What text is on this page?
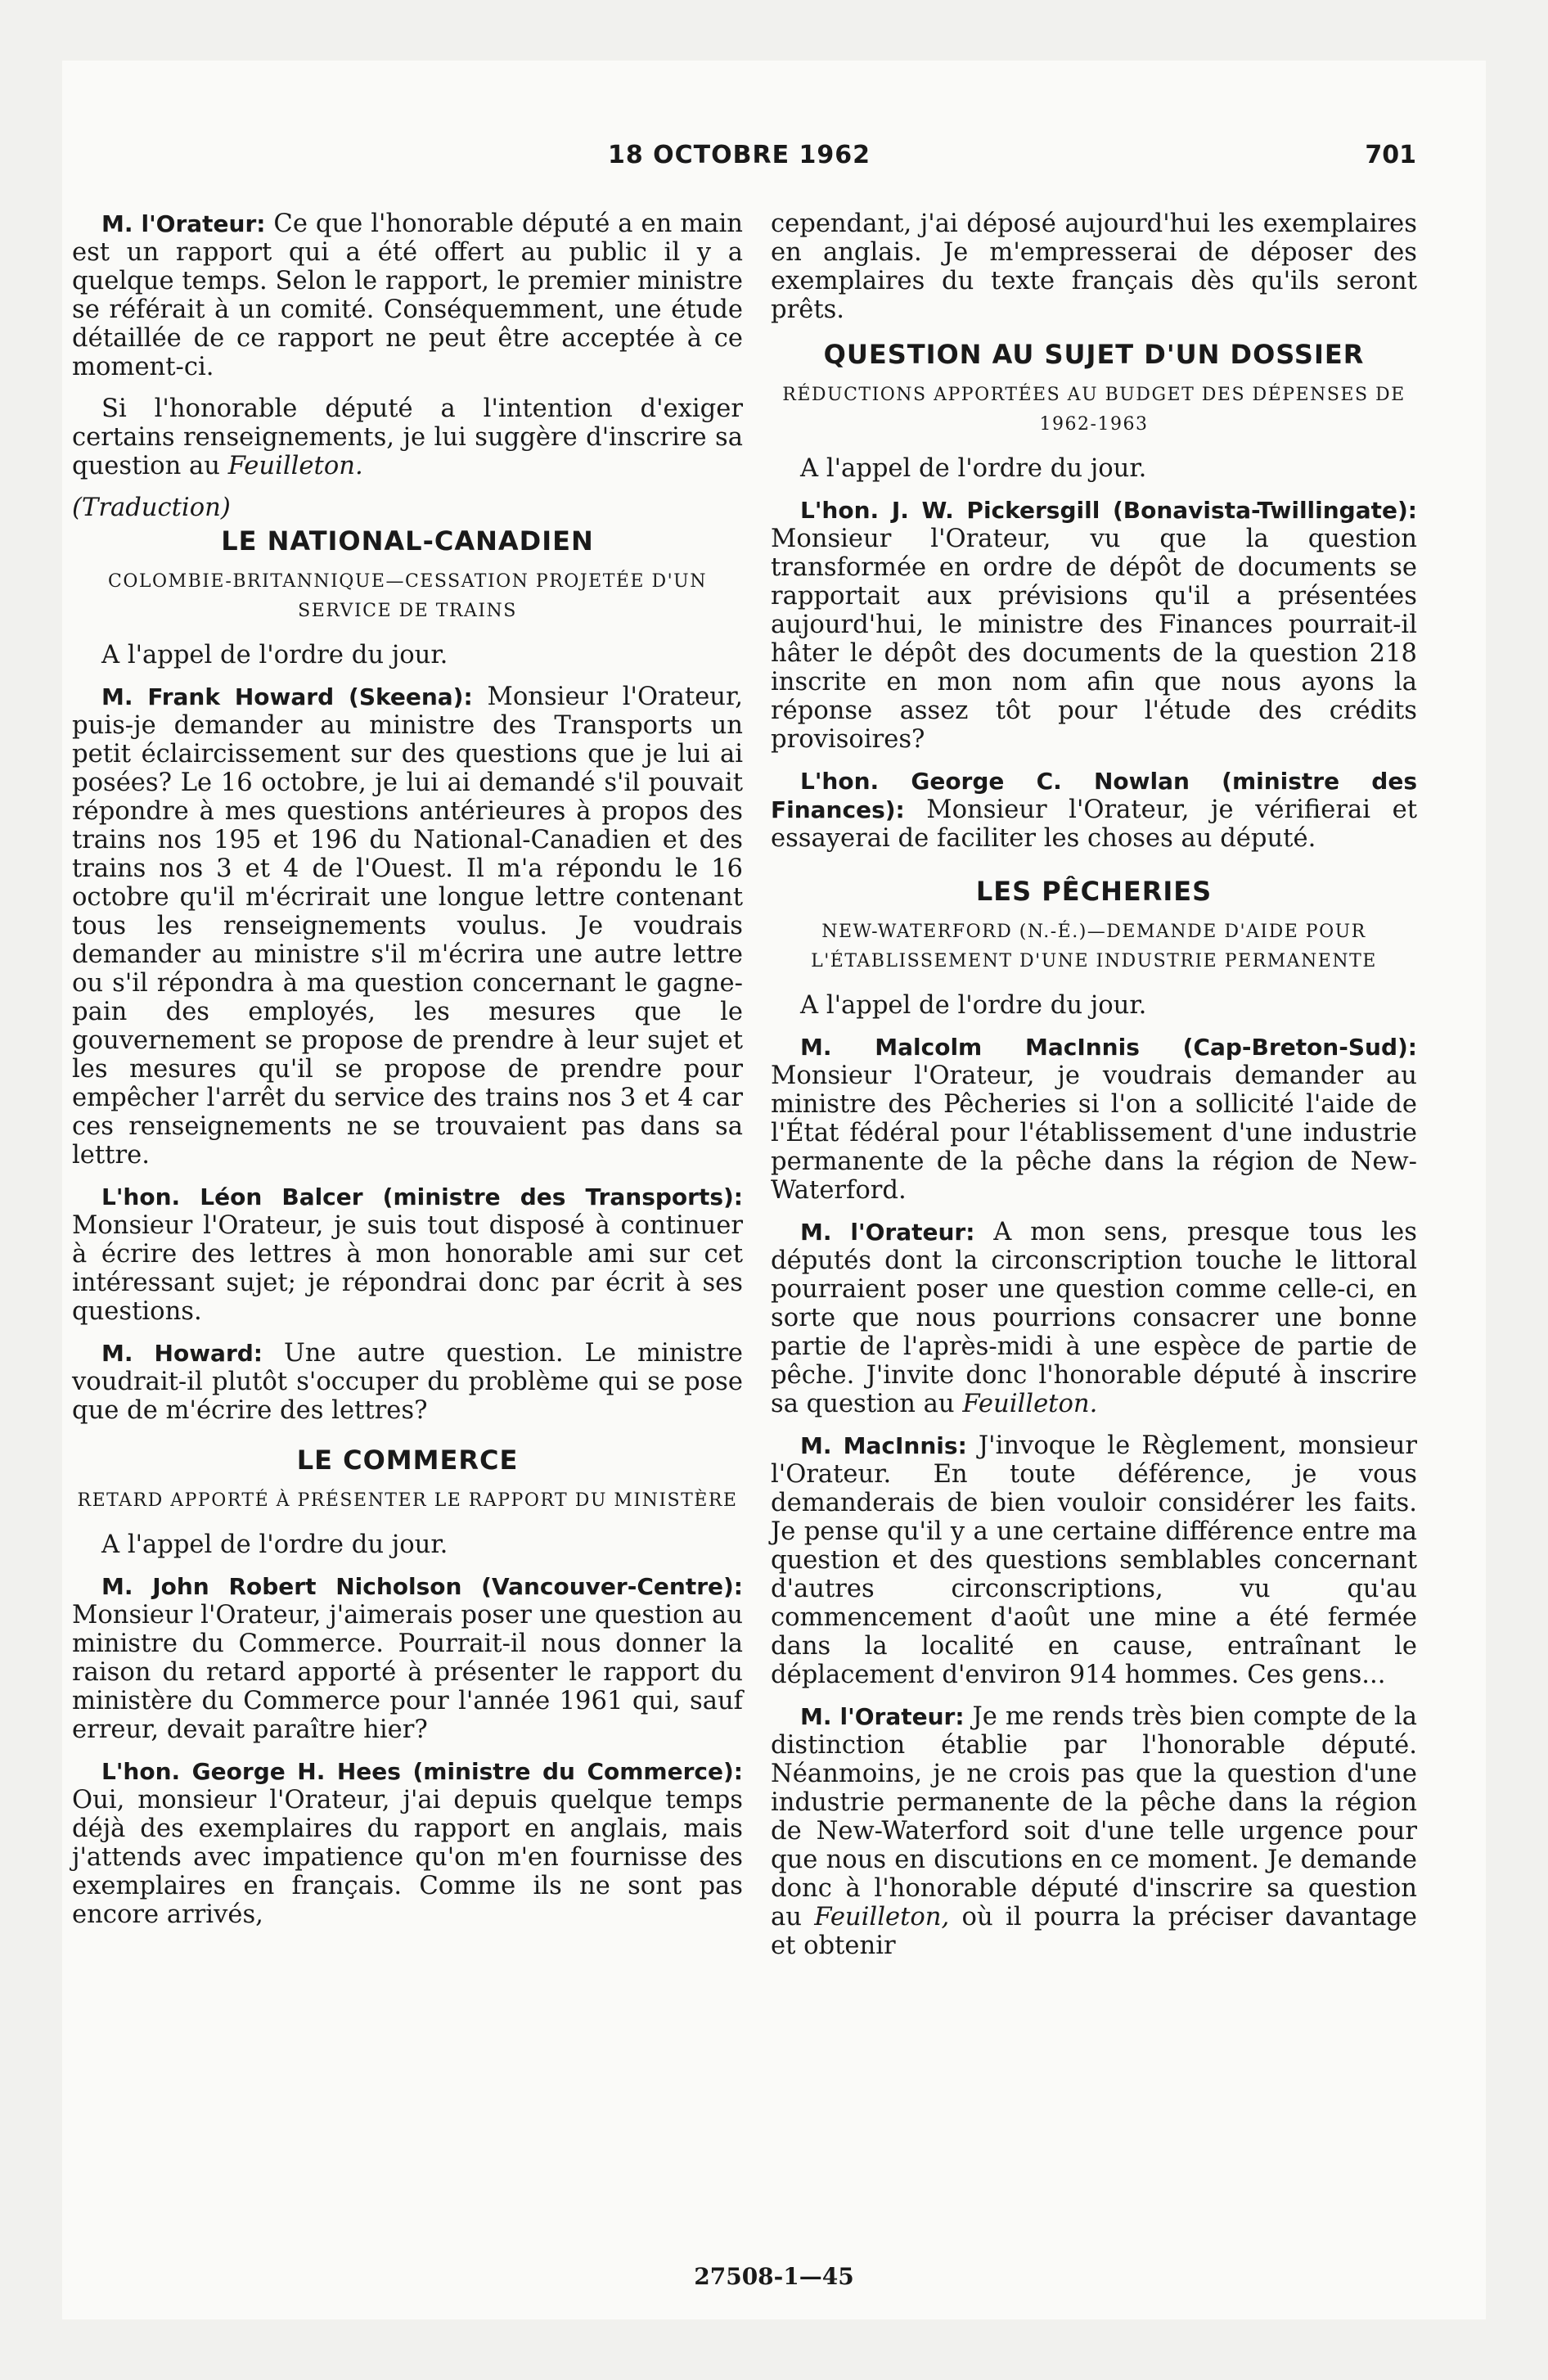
18 OCTOBRE 1962	701

M. l'Orateur: Ce que l'honorable député a en main est un rapport qui a été offert au public il y a quelque temps. Selon le rapport, le premier ministre se référait à un comité. Conséquemment, une étude détaillée de ce rapport ne peut être acceptée à ce moment-ci.

Si l'honorable député a l'intention d'exiger certains renseignements, je lui suggère d'inscrire sa question au Feuilleton.

(Traduction)

LE NATIONAL-CANADIEN
COLOMBIE-BRITANNIQUE—CESSATION PROJETÉE D'UN SERVICE DE TRAINS

A l'appel de l'ordre du jour.

M. Frank Howard (Skeena): Monsieur l'Orateur, puis-je demander au ministre des Transports un petit éclaircissement sur des questions que je lui ai posées? Le 16 octobre, je lui ai demandé s'il pouvait répondre à mes questions antérieures à propos des trains nos 195 et 196 du National-Canadien et des trains nos 3 et 4 de l'Ouest. Il m'a répondu le 16 octobre qu'il m'écrirait une longue lettre contenant tous les renseignements voulus. Je voudrais demander au ministre s'il m'écrira une autre lettre ou s'il répondra à ma question concernant le gagne-pain des employés, les mesures que le gouvernement se propose de prendre à leur sujet et les mesures qu'il se propose de prendre pour empêcher l'arrêt du service des trains nos 3 et 4 car ces renseignements ne se trouvaient pas dans sa lettre.

L'hon. Léon Balcer (ministre des Transports): Monsieur l'Orateur, je suis tout disposé à continuer à écrire des lettres à mon honorable ami sur cet intéressant sujet; je répondrai donc par écrit à ses questions.

M. Howard: Une autre question. Le ministre voudrait-il plutôt s'occuper du problème qui se pose que de m'écrire des lettres?

LE COMMERCE
RETARD APPORTÉ À PRÉSENTER LE RAPPORT DU MINISTÈRE

A l'appel de l'ordre du jour.

M. John Robert Nicholson (Vancouver-Centre): Monsieur l'Orateur, j'aimerais poser une question au ministre du Commerce. Pourrait-il nous donner la raison du retard apporté à présenter le rapport du ministère du Commerce pour l'année 1961 qui, sauf erreur, devait paraître hier?

L'hon. George H. Hees (ministre du Commerce): Oui, monsieur l'Orateur, j'ai depuis quelque temps déjà des exemplaires du rapport en anglais, mais j'attends avec impatience qu'on m'en fournisse des exemplaires en français. Comme ils ne sont pas encore arrivés,

cependant, j'ai déposé aujourd'hui les exemplaires en anglais. Je m'empresserai de déposer des exemplaires du texte français dès qu'ils seront prêts.

QUESTION AU SUJET D'UN DOSSIER
RÉDUCTIONS APPORTÉES AU BUDGET DES DÉPENSES DE 1962-1963

A l'appel de l'ordre du jour.

L'hon. J. W. Pickersgill (Bonavista-Twillingate): Monsieur l'Orateur, vu que la question transformée en ordre de dépôt de documents se rapportait aux prévisions qu'il a présentées aujourd'hui, le ministre des Finances pourrait-il hâter le dépôt des documents de la question 218 inscrite en mon nom afin que nous ayons la réponse assez tôt pour l'étude des crédits provisoires?

L'hon. George C. Nowlan (ministre des Finances): Monsieur l'Orateur, je vérifierai et essayerai de faciliter les choses au député.

LES PÊCHERIES
NEW-WATERFORD (N.-É.)—DEMANDE D'AIDE POUR L'ÉTABLISSEMENT D'UNE INDUSTRIE PERMANENTE

A l'appel de l'ordre du jour.

M. Malcolm MacInnis (Cap-Breton-Sud): Monsieur l'Orateur, je voudrais demander au ministre des Pêcheries si l'on a sollicité l'aide de l'État fédéral pour l'établissement d'une industrie permanente de la pêche dans la région de New-Waterford.

M. l'Orateur: A mon sens, presque tous les députés dont la circonscription touche le littoral pourraient poser une question comme celle-ci, en sorte que nous pourrions consacrer une bonne partie de l'après-midi à une espèce de partie de pêche. J'invite donc l'honorable député à inscrire sa question au Feuilleton.

M. MacInnis: J'invoque le Règlement, monsieur l'Orateur. En toute déférence, je vous demanderais de bien vouloir considérer les faits. Je pense qu'il y a une certaine différence entre ma question et des questions semblables concernant d'autres circonscriptions, vu qu'au commencement d'août une mine a été fermée dans la localité en cause, entraînant le déplacement d'environ 914 hommes. Ces gens...

M. l'Orateur: Je me rends très bien compte de la distinction établie par l'honorable député. Néanmoins, je ne crois pas que la question d'une industrie permanente de la pêche dans la région de New-Waterford soit d'une telle urgence pour que nous en discutions en ce moment. Je demande donc à l'honorable député d'inscrire sa question au Feuilleton, où il pourra la préciser davantage et obtenir

27508-1—45
